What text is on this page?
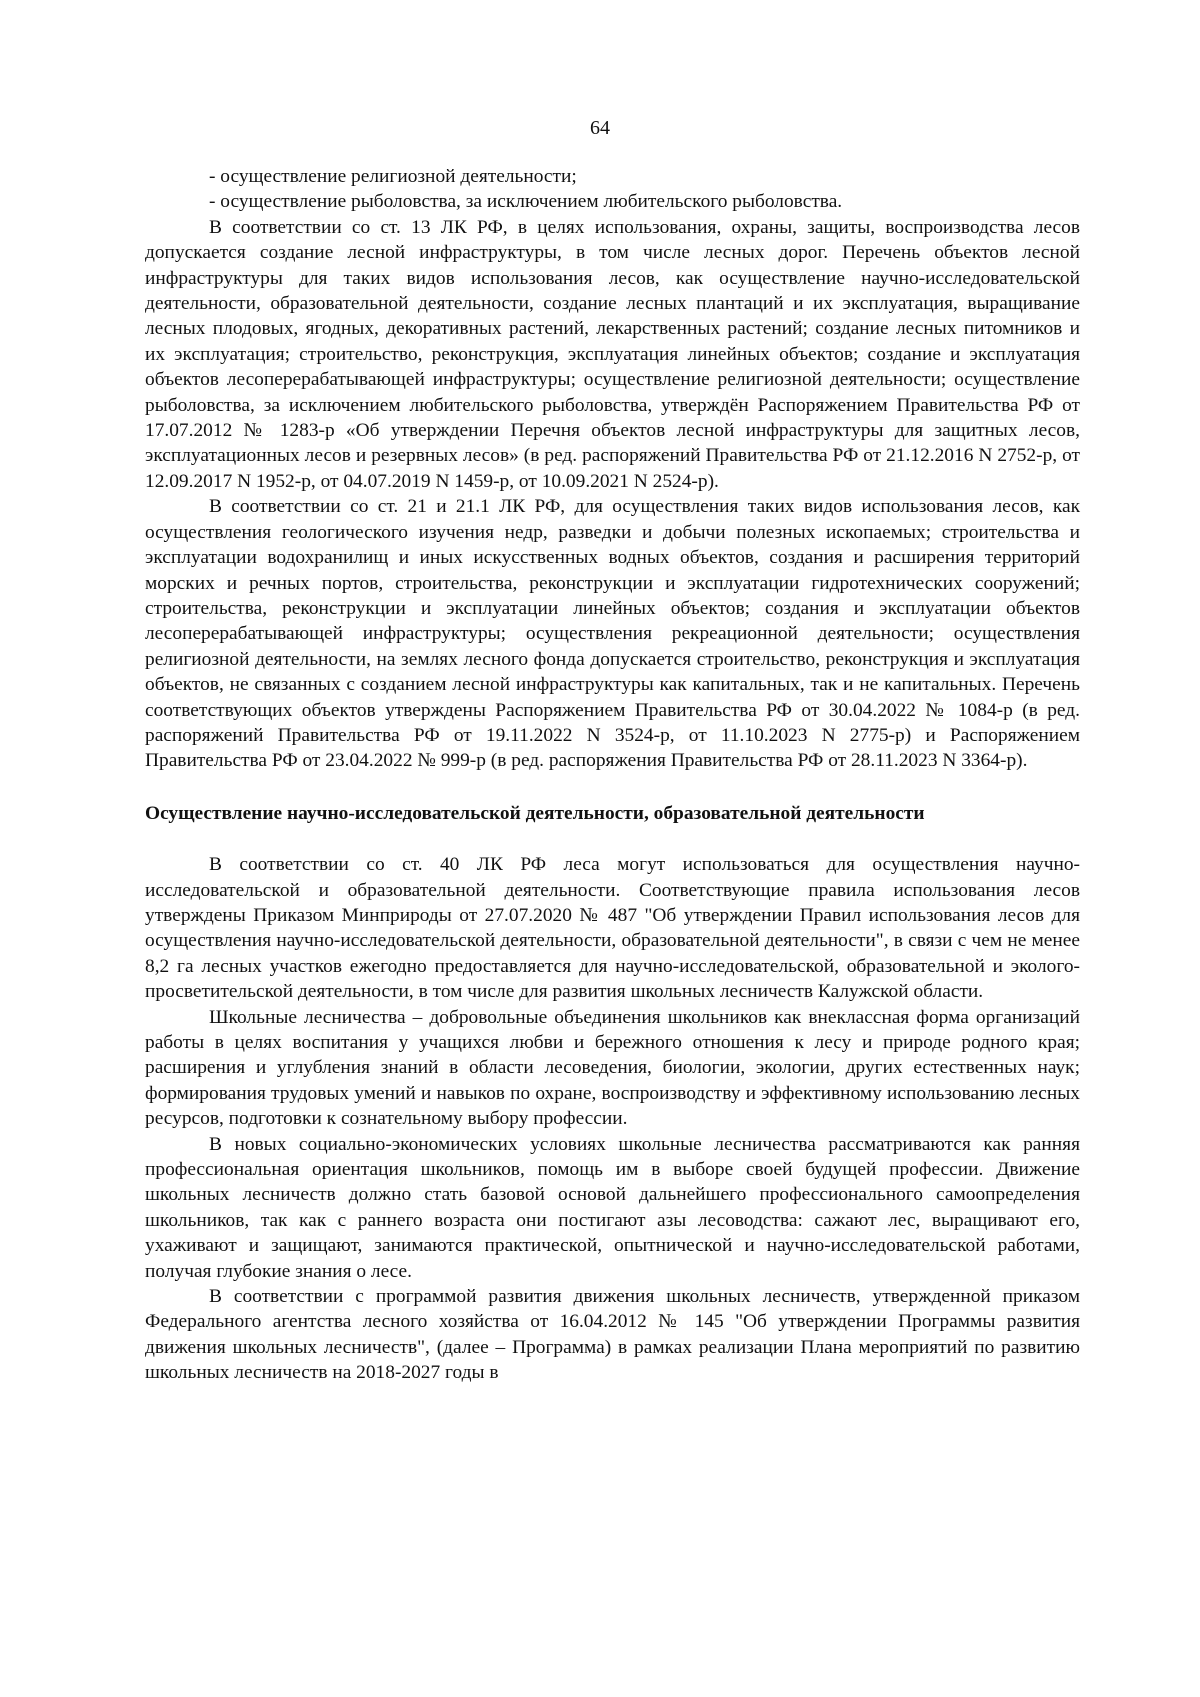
64

- осуществление религиозной деятельности;

- осуществление рыболовства, за исключением любительского рыболовства.

В соответствии со ст. 13 ЛК РФ, в целях использования, охраны, защиты, воспроизводства лесов допускается создание лесной инфраструктуры, в том числе лесных дорог. Перечень объектов лесной инфраструктуры для таких видов использования лесов, как осуществление научно-исследовательской деятельности, образовательной деятельности, создание лесных плантаций и их эксплуатация, выращивание лесных плодовых, ягодных, декоративных растений, лекарственных растений; создание лесных питомников и их эксплуатация; строительство, реконструкция, эксплуатация линейных объектов; создание и эксплуатация объектов лесоперерабатывающей инфраструктуры; осуществление религиозной деятельности; осуществление рыболовства, за исключением любительского рыболовства, утверждён Распоряжением Правительства РФ от 17.07.2012 № 1283-р «Об утверждении Перечня объектов лесной инфраструктуры для защитных лесов, эксплуатационных лесов и резервных лесов» (в ред. распоряжений Правительства РФ от 21.12.2016 N 2752-р, от 12.09.2017 N 1952-р, от 04.07.2019 N 1459-р, от 10.09.2021 N 2524-р).

В соответствии со ст. 21 и 21.1 ЛК РФ, для осуществления таких видов использования лесов, как осуществления геологического изучения недр, разведки и добычи полезных ископаемых; строительства и эксплуатации водохранилищ и иных искусственных водных объектов, создания и расширения территорий морских и речных портов, строительства, реконструкции и эксплуатации гидротехнических сооружений; строительства, реконструкции и эксплуатации линейных объектов; создания и эксплуатации объектов лесоперерабатывающей инфраструктуры; осуществления рекреационной деятельности; осуществления религиозной деятельности, на землях лесного фонда допускается строительство, реконструкция и эксплуатация объектов, не связанных с созданием лесной инфраструктуры как капитальных, так и не капитальных. Перечень соответствующих объектов утверждены Распоряжением Правительства РФ от 30.04.2022 № 1084-р (в ред. распоряжений Правительства РФ от 19.11.2022 N 3524-р, от 11.10.2023 N 2775-р) и Распоряжением Правительства РФ от 23.04.2022 № 999-р (в ред. распоряжения Правительства РФ от 28.11.2023 N 3364-р).

Осуществление научно-исследовательской деятельности, образовательной деятельности

В соответствии со ст. 40 ЛК РФ леса могут использоваться для осуществления научно-исследовательской и образовательной деятельности. Соответствующие правила использования лесов утверждены Приказом Минприроды от 27.07.2020 № 487 "Об утверждении Правил использования лесов для осуществления научно-исследовательской деятельности, образовательной деятельности", в связи с чем не менее 8,2 га лесных участков ежегодно предоставляется для научно-исследовательской, образовательной и эколого-просветительской деятельности, в том числе для развития школьных лесничеств Калужской области.

Школьные лесничества – добровольные объединения школьников как внеклассная форма организаций работы в целях воспитания у учащихся любви и бережного отношения к лесу и природе родного края; расширения и углубления знаний в области лесоведения, биологии, экологии, других естественных наук; формирования трудовых умений и навыков по охране, воспроизводству и эффективному использованию лесных ресурсов, подготовки к сознательному выбору профессии.

В новых социально-экономических условиях школьные лесничества рассматриваются как ранняя профессиональная ориентация школьников, помощь им в выборе своей будущей профессии. Движение школьных лесничеств должно стать базовой основой дальнейшего профессионального самоопределения школьников, так как с раннего возраста они постигают азы лесоводства: сажают лес, выращивают его, ухаживают и защищают, занимаются практической, опытнической и научно-исследовательской работами, получая глубокие знания о лесе.

В соответствии с программой развития движения школьных лесничеств, утвержденной приказом Федерального агентства лесного хозяйства от 16.04.2012 № 145 "Об утверждении Программы развития движения школьных лесничеств", (далее – Программа) в рамках реализации Плана мероприятий по развитию школьных лесничеств на 2018-2027 годы в
